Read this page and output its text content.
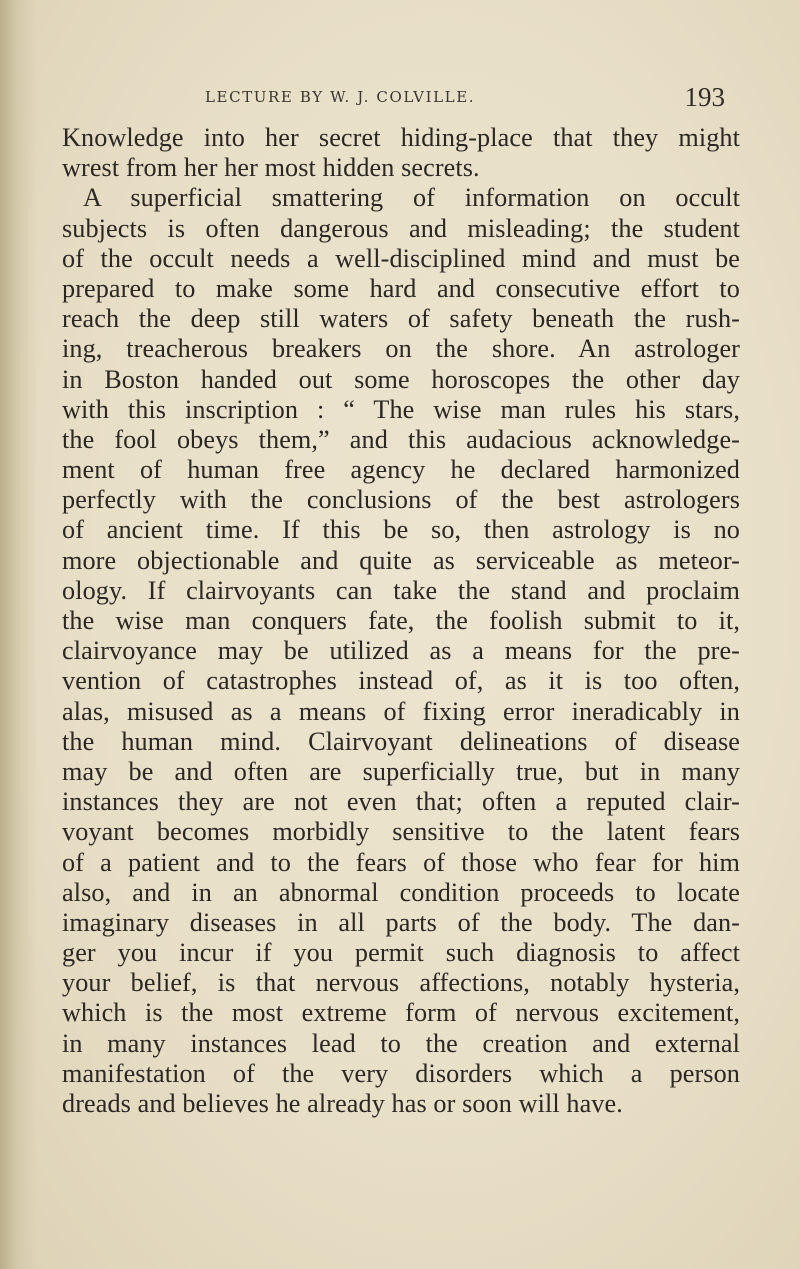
LECTURE BY W. J. COLVILLE.	193
Knowledge into her secret hiding-place that they might
wrest from her her most hidden secrets.
A superficial smattering of information on occult
subjects is often dangerous and misleading; the student
of the occult needs a well-disciplined mind and must be
prepared to make some hard and consecutive effort to
reach the deep still waters of safety beneath the rush-
ing, treacherous breakers on the shore. An astrologer
in Boston handed out some horoscopes the other day
with this inscription : “ The wise man rules his stars,
the fool obeys them,” and this audacious acknowledge-
ment of human free agency he declared harmonized
perfectly with the conclusions of the best astrologers
of ancient time. If this be so, then astrology is no
more objectionable and quite as serviceable as meteor-
ology. If clairvoyants can take the stand and proclaim
the wise man conquers fate, the foolish submit to it,
clairvoyance may be utilized as a means for the pre-
vention of catastrophes instead of, as it is too often,
alas, misused as a means of fixing error ineradicably in
the human mind. Clairvoyant delineations of disease
may be and often are superficially true, but in many
instances they are not even that; often a reputed clair-
voyant becomes morbidly sensitive to the latent fears
of a patient and to the fears of those who fear for him
also, and in an abnormal condition proceeds to locate
imaginary diseases in all parts of the body. The dan-
ger you incur if you permit such diagnosis to affect
your belief, is that nervous affections, notably hysteria,
which is the most extreme form of nervous excitement,
in many instances lead to the creation and external
manifestation of the very disorders which a person
dreads and believes he already has or soon will have.
